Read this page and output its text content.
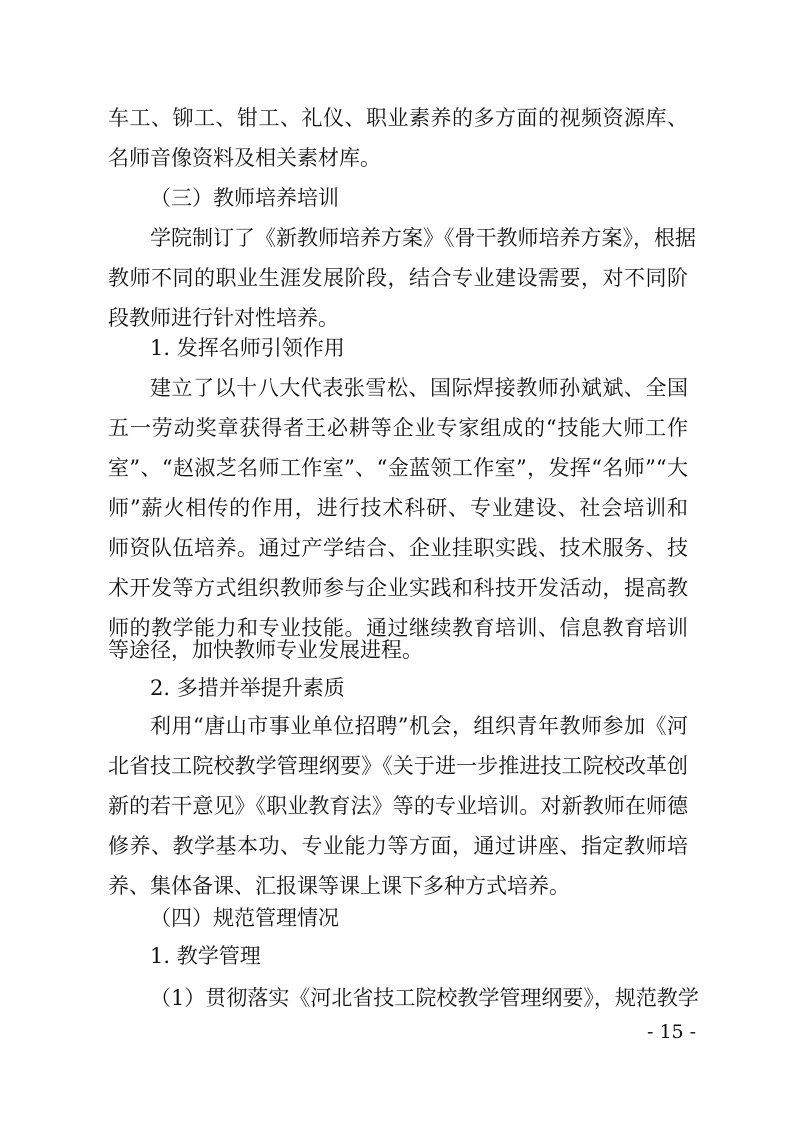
车工、铆工、钳工、礼仪、职业素养的多方面的视频资源库、
名师音像资料及相关素材库。
（三）教师培养培训
学院制订了《新教师培养方案》《骨干教师培养方案》，根据
教师不同的职业生涯发展阶段，结合专业建设需要，对不同阶
段教师进行针对性培养。
1. 发挥名师引领作用
建立了以十八大代表张雪松、国际焊接教师孙斌斌、全国
五一劳动奖章获得者王必耕等企业专家组成的“技能大师工作
室”、“赵淑芝名师工作室”、“金蓝领工作室”，发挥“名师”“大
师”薪火相传的作用，进行技术科研、专业建设、社会培训和
师资队伍培养。通过产学结合、企业挂职实践、技术服务、技
术开发等方式组织教师参与企业实践和科技开发活动，提高教
师的教学能力和专业技能。通过继续教育培训、信息教育培训
等途径，加快教师专业发展进程。
2. 多措并举提升素质
利用“唐山市事业单位招聘”机会，组织青年教师参加《河
北省技工院校教学管理纲要》《关于进一步推进技工院校改革创
新的若干意见》《职业教育法》等的专业培训。对新教师在师德
修养、教学基本功、专业能力等方面，通过讲座、指定教师培
养、集体备课、汇报课等课上课下多种方式培养。
（四）规范管理情况
1. 教学管理
（1）贯彻落实《河北省技工院校教学管理纲要》，规范教学
- 15 -
